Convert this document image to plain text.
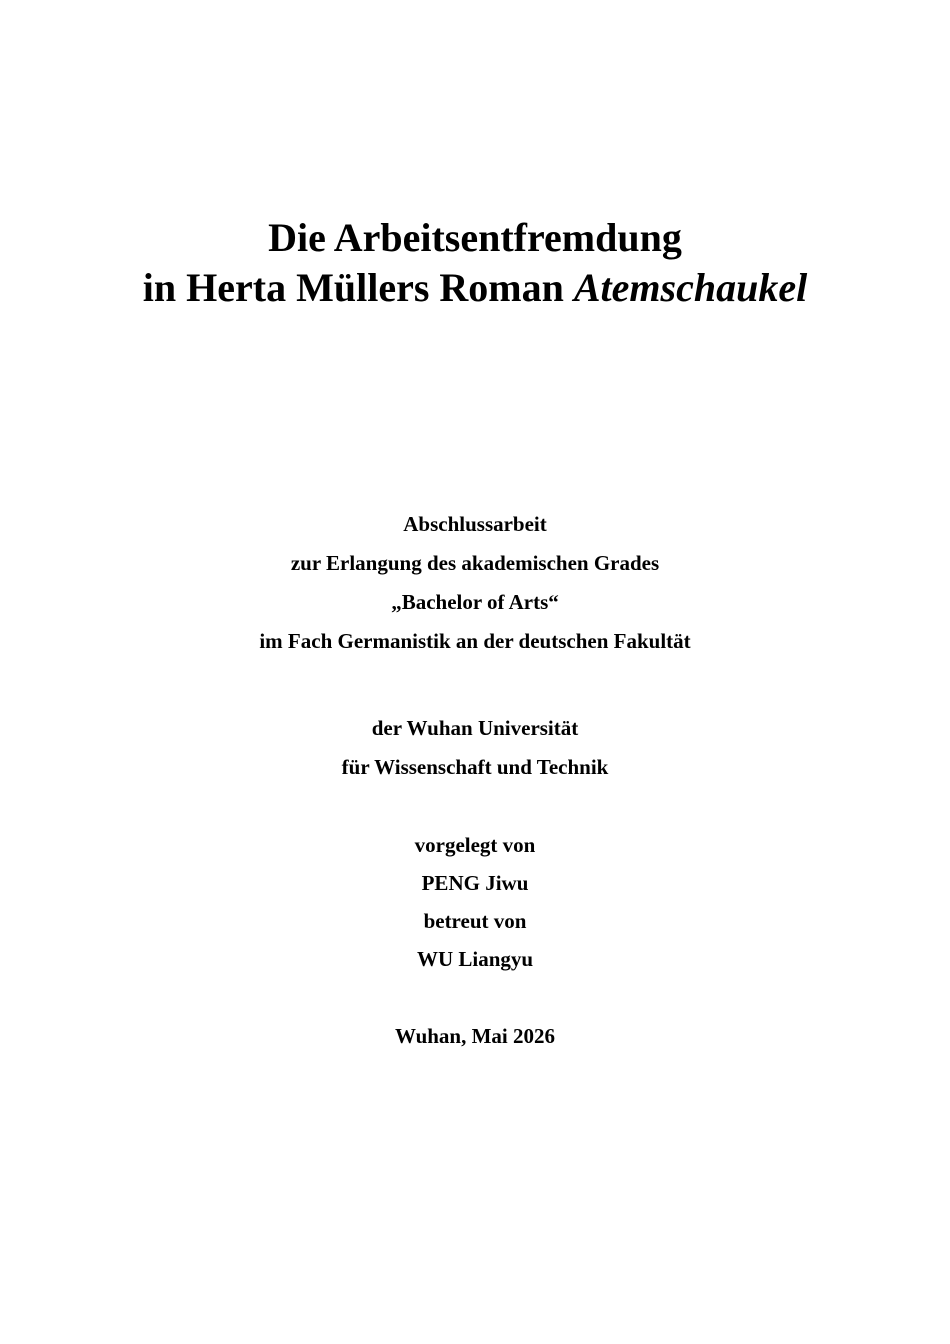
Die Arbeitsentfremdung
in Herta Müllers Roman Atemschaukel
Abschlussarbeit
zur Erlangung des akademischen Grades
„Bachelor of Arts“
im Fach Germanistik an der deutschen Fakultät
der Wuhan Universität
für Wissenschaft und Technik
vorgelegt von
PENG Jiwu
betreut von
WU Liangyu
Wuhan, Mai 2026
